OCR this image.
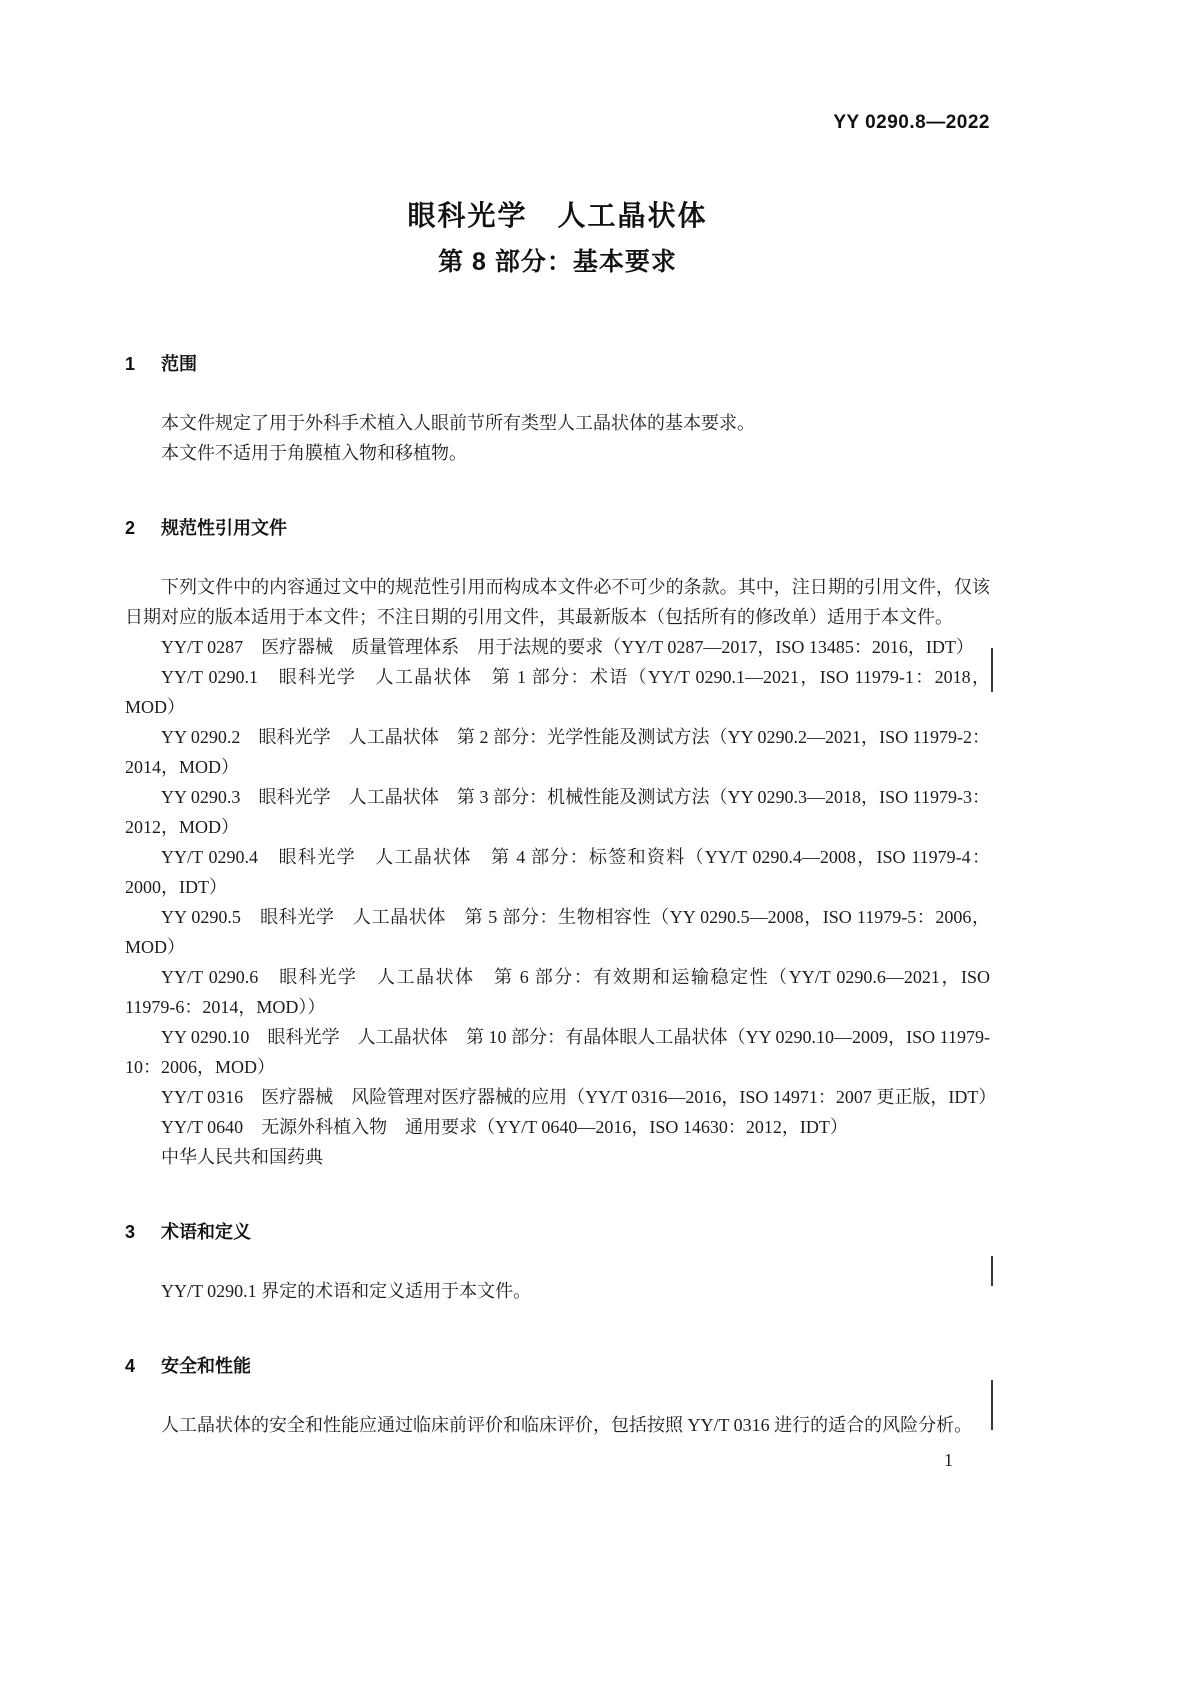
YY 0290.8—2022
眼科光学　人工晶状体
第 8 部分：基本要求
1 范围

本文件规定了用于外科手术植入人眼前节所有类型人工晶状体的基本要求。

本文件不适用于角膜植入物和移植物。

2 规范性引用文件

下列文件中的内容通过文中的规范性引用而构成本文件必不可少的条款。其中，注日期的引用文件，仅该日期对应的版本适用于本文件；不注日期的引用文件，其最新版本（包括所有的修改单）适用于本文件。

YY/T 0287　医疗器械　质量管理体系　用于法规的要求（YY/T 0287—2017，ISO 13485：2016，IDT）

YY/T 0290.1　眼科光学　人工晶状体　第 1 部分：术语（YY/T 0290.1—2021，ISO 11979-1：2018，MOD）

YY 0290.2　眼科光学　人工晶状体　第 2 部分：光学性能及测试方法（YY 0290.2—2021，ISO 11979-2：2014，MOD）

YY 0290.3　眼科光学　人工晶状体　第 3 部分：机械性能及测试方法（YY 0290.3—2018，ISO 11979-3：2012，MOD）

YY/T 0290.4　眼科光学　人工晶状体　第 4 部分：标签和资料（YY/T 0290.4—2008，ISO 11979-4：2000，IDT）

YY 0290.5　眼科光学　人工晶状体　第 5 部分：生物相容性（YY 0290.5—2008，ISO 11979-5：2006，MOD）

YY/T 0290.6　眼科光学　人工晶状体　第 6 部分：有效期和运输稳定性（YY/T 0290.6—2021，ISO 11979-6：2014，MOD））

YY 0290.10　眼科光学　人工晶状体　第 10 部分：有晶体眼人工晶状体（YY 0290.10—2009，ISO 11979-10：2006，MOD）

YY/T 0316　医疗器械　风险管理对医疗器械的应用（YY/T 0316—2016，ISO 14971：2007 更正版，IDT）

YY/T 0640　无源外科植入物　通用要求（YY/T 0640—2016，ISO 14630：2012，IDT）

中华人民共和国药典

3 术语和定义

YY/T 0290.1 界定的术语和定义适用于本文件。

4 安全和性能

人工晶状体的安全和性能应通过临床前评价和临床评价，包括按照 YY/T 0316 进行的适合的风险分析。

1
